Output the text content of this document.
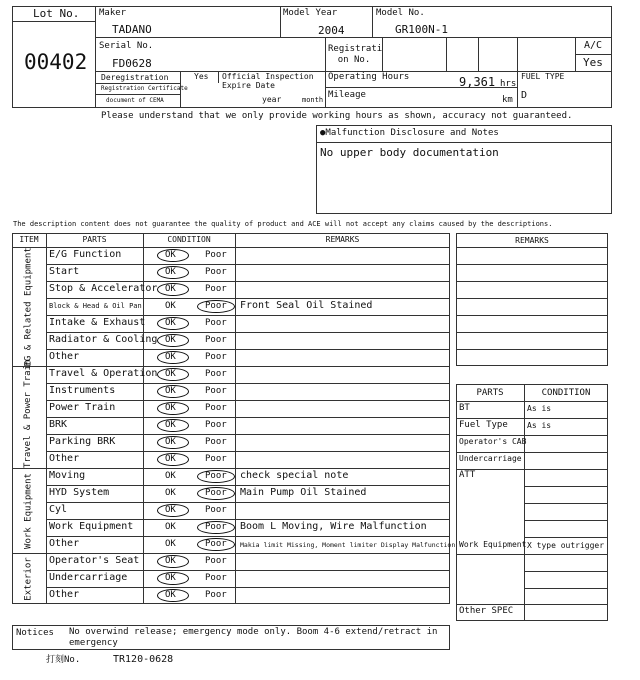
Lot No.
00402
Maker
TADANO
Model Year
2004
Model No.
GR100N-1
Serial No.
FD0628
Registrati on No.
A/C
Yes
Deregistration	Yes
Registration Certificate
document of CEMA
Official Inspection
Expire Date
year	month
Operating Hours	9,361 hrs
Mileage	km
FUEL TYPE
D
Please understand that we only provide working hours as shown, accuracy not guaranteed.
●Malfunction Disclosure and Notes
No upper body documentation
The description content does not guarantee the quality of product and ACE will not accept any claims caused by the descriptions.
ITEM	PARTS	CONDITION	REMARKS
E/G Function	OK	Poor
Start	OK	Poor
Stop & Accelerator OK	Poor
Block & Head & Oil Pan	OK	Poor Front Seal Oil Stained
Intake & Exhaust OK	Poor
Radiator & Cooling OK	Poor
Other	OK	Poor
EG & Related Equipment
Travel & Operation OK	Poor
Instruments	OK	Poor
Power Train	OK	Poor
BRK	OK	Poor
Parking BRK	OK	Poor
Other	OK	Poor
Travel & Power Train
Moving	OK	Poor check special note
HYD System	OK	Poor Main Pump Oil Stained
Cyl	OK	Poor
Work Equipment	OK	Poor Boom L Moving, Wire Malfunction
Other	OK	Poor Makia limit Missing, Moment limiter Display Malfunction
Work Equipment
Operator's Seat	OK	Poor
Undercarriage	OK	Poor
Other	OK	Poor
Exterior
REMARKS
PARTS	CONDITION
BT	As is
Fuel Type As is
Operator's CAB
Undercarriage
ATT
Work Equipment X type outrigger
Other SPEC
Notices No overwind release; emergency mode only. Boom 4-6 extend/retract in
emergency
打刻No.	TR120-0628
